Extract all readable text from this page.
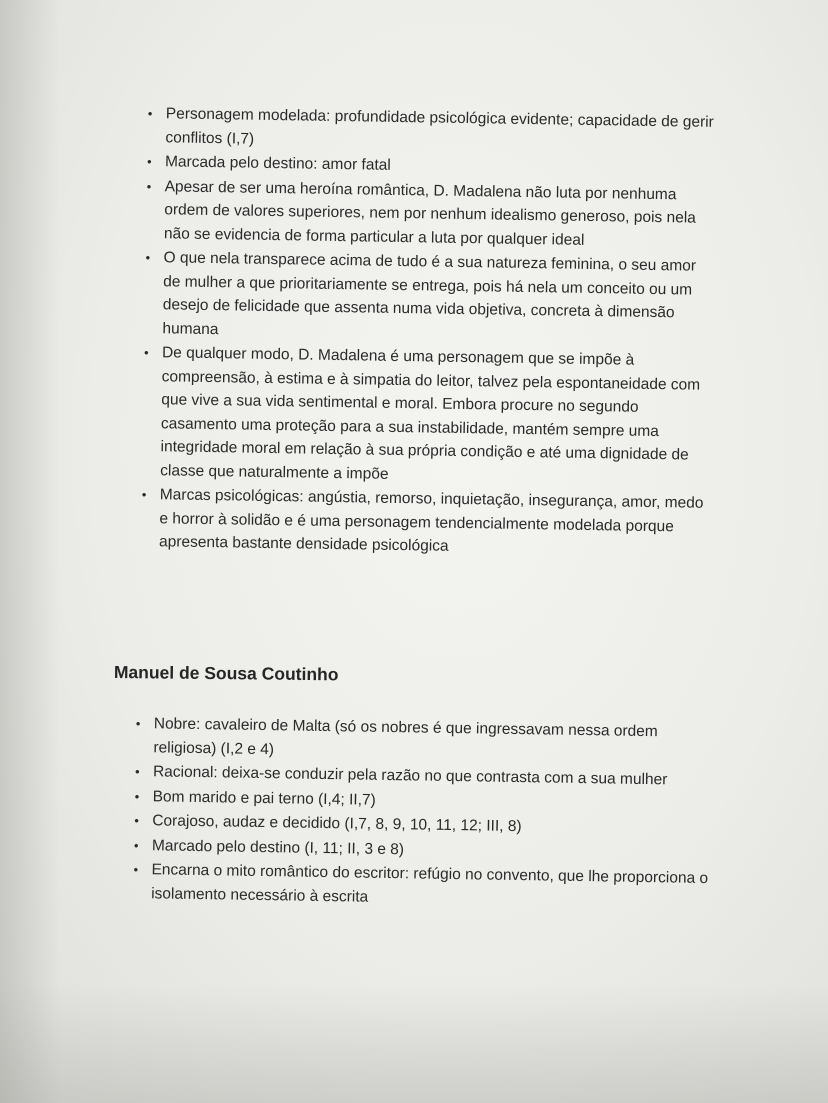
• Personagem modelada: profundidade psicológica evidente; capacidade de gerir conflitos (I,7)
• Marcada pelo destino: amor fatal
• Apesar de ser uma heroína romântica, D. Madalena não luta por nenhuma ordem de valores superiores, nem por nenhum idealismo generoso, pois nela não se evidencia de forma particular a luta por qualquer ideal
• O que nela transparece acima de tudo é a sua natureza feminina, o seu amor de mulher a que prioritariamente se entrega, pois há nela um conceito ou um desejo de felicidade que assenta numa vida objetiva, concreta à dimensão humana
• De qualquer modo, D. Madalena é uma personagem que se impõe à compreensão, à estima e à simpatia do leitor, talvez pela espontaneidade com que vive a sua vida sentimental e moral. Embora procure no segundo casamento uma proteção para a sua instabilidade, mantém sempre uma integridade moral em relação à sua própria condição e até uma dignidade de classe que naturalmente a impõe
• Marcas psicológicas: angústia, remorso, inquietação, insegurança, amor, medo e horror à solidão e é uma personagem tendencialmente modelada porque apresenta bastante densidade psicológica
Manuel de Sousa Coutinho
• Nobre: cavaleiro de Malta (só os nobres é que ingressavam nessa ordem religiosa) (I,2 e 4)
• Racional: deixa-se conduzir pela razão no que contrasta com a sua mulher
• Bom marido e pai terno (I,4; II,7)
• Corajoso, audaz e decidido (I,7, 8, 9, 10, 11, 12; III, 8)
• Marcado pelo destino (I, 11; II, 3 e 8)
• Encarna o mito romântico do escritor: refúgio no convento, que lhe proporciona o isolamento necessário à escrita
